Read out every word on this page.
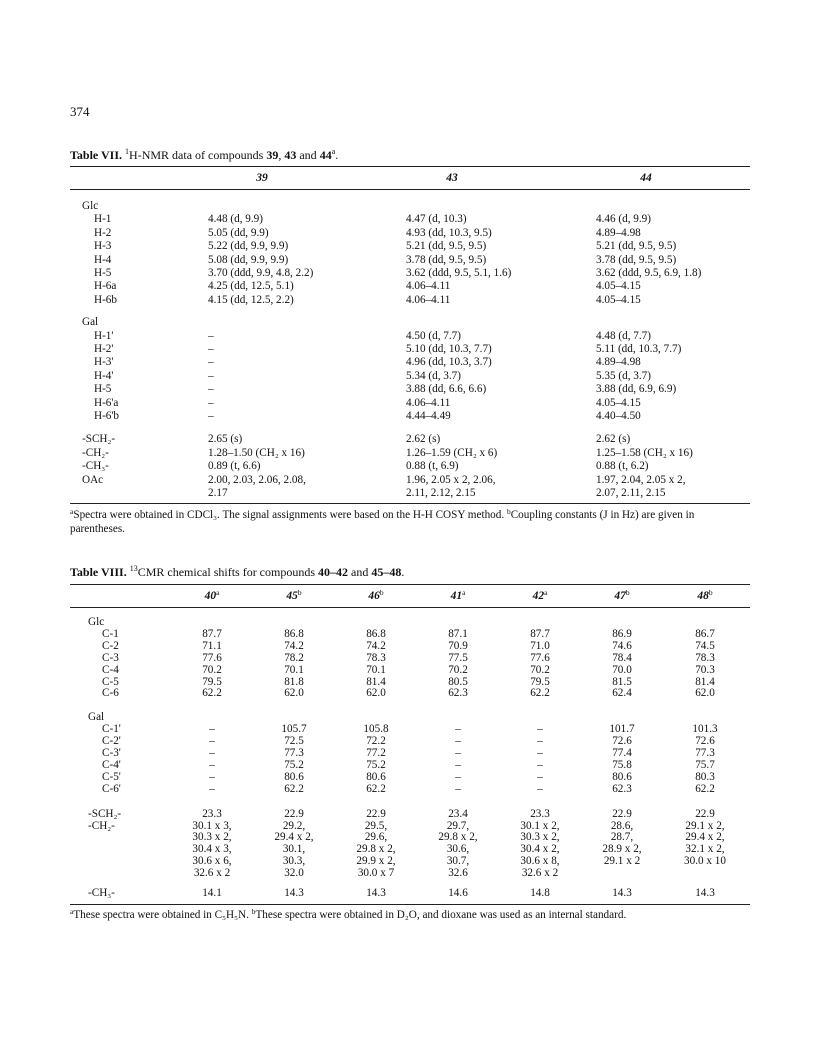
374
Table VII. $^1$H-NMR data of compounds 39, 43 and 44$^a$.
39	43	44
Glc
H-1	4.48 (d, 9.9)	4.47 (d, 10.3)	4.46 (d, 9.9)
H-2	5.05 (dd, 9.9)	4.93 (dd, 10.3, 9.5)	4.89–4.98
H-3	5.22 (dd, 9.9, 9.9)	5.21 (dd, 9.5, 9.5)	5.21 (dd, 9.5, 9.5)
H-4	5.08 (dd, 9.9, 9.9)	3.78 (dd, 9.5, 9.5)	3.78 (dd, 9.5, 9.5)
H-5	3.70 (ddd, 9.9, 4.8, 2.2)	3.62 (ddd, 9.5, 5.1, 1.6)	3.62 (ddd, 9.5, 6.9, 1.8)
H-6a	4.25 (dd, 12.5, 5.1)	4.06–4.11	4.05–4.15
H-6b	4.15 (dd, 12.5, 2.2)	4.06–4.11	4.05–4.15
Gal
H-1'	–	4.50 (d, 7.7)	4.48 (d, 7.7)
H-2'	–	5.10 (dd, 10.3, 7.7)	5.11 (dd, 10.3, 7.7)
H-3'	–	4.96 (dd, 10.3, 3.7)	4.89–4.98
H-4'	–	5.34 (d, 3.7)	5.35 (d, 3.7)
H-5	–	3.88 (dd, 6.6, 6.6)	3.88 (dd, 6.9, 6.9)
H-6'a	–	4.06–4.11	4.05–4.15
H-6'b	–	4.44–4.49	4.40–4.50
-SCH₂-	2.65 (s)	2.62 (s)	2.62 (s)
-CH₂-	1.28–1.50 (CH₂ x 16)	1.26–1.59 (CH₂ x 6)	1.25–1.58 (CH₂ x 16)
-CH₃-	0.89 (t, 6.6)	0.88 (t, 6.9)	0.88 (t, 6.2)
OAc	2.00, 2.03, 2.06, 2.08,	1.96, 2.05 x 2, 2.06,	1.97, 2.04, 2.05 x 2,
2.17	2.11, 2.12, 2.15	2.07, 2.11, 2.15
$^a$Spectra were obtained in CDCl₃. The signal assignments were based on the H-H COSY method. $^b$Coupling constants (J in Hz) are given in parentheses.
Table VIII. $^{13}$CMR chemical shifts for compounds 40–42 and 45–48.
40$^a$	45$^b$	46$^b$	41$^a$	42$^a$	47$^b$	48$^b$
Glc
C-1	87.7	86.8	86.8	87.1	87.7	86.9	86.7
C-2	71.1	74.2	74.2	70.9	71.0	74.6	74.5
C-3	77.6	78.2	78.3	77.5	77.6	78.4	78.3
C-4	70.2	70.1	70.1	70.2	70.2	70.0	70.3
C-5	79.5	81.8	81.4	80.5	79.5	81.5	81.4
C-6	62.2	62.0	62.0	62.3	62.2	62.4	62.0
Gal
C-1'	–	105.7	105.8	–	–	101.7	101.3
C-2'	–	72.5	72.2	–	–	72.6	72.6
C-3'	–	77.3	77.2	–	–	77.4	77.3
C-4'	–	75.2	75.2	–	–	75.8	75.7
C-5'	–	80.6	80.6	–	–	80.6	80.3
C-6'	–	62.2	62.2	–	–	62.3	62.2
-SCH₂-	23.3	22.9	22.9	23.4	23.3	22.9	22.9
-CH₂-	30.1 x 3,	29.2,	29.5,	29.7,	30.1 x 2,	28.6,	29.1 x 2,
30.3 x 2,	29.4 x 2,	29.6,	29.8 x 2,	30.3 x 2,	28.7,	29.4 x 2,
30.4 x 3,	30.1,	29.8 x 2,	30.6,	30.4 x 2,	28.9 x 2,	32.1 x 2,
30.6 x 6,	30.3,	29.9 x 2,	30.7,	30.6 x 8,	29.1 x 2	30.0 x 10
32.6 x 2	32.0	30.0 x 7	32.6	32.6 x 2
-CH₃-	14.1	14.3	14.3	14.6	14.8	14.3	14.3
$^a$These spectra were obtained in C₅H₅N. $^b$These spectra were obtained in D₂O, and dioxane was used as an internal standard.
